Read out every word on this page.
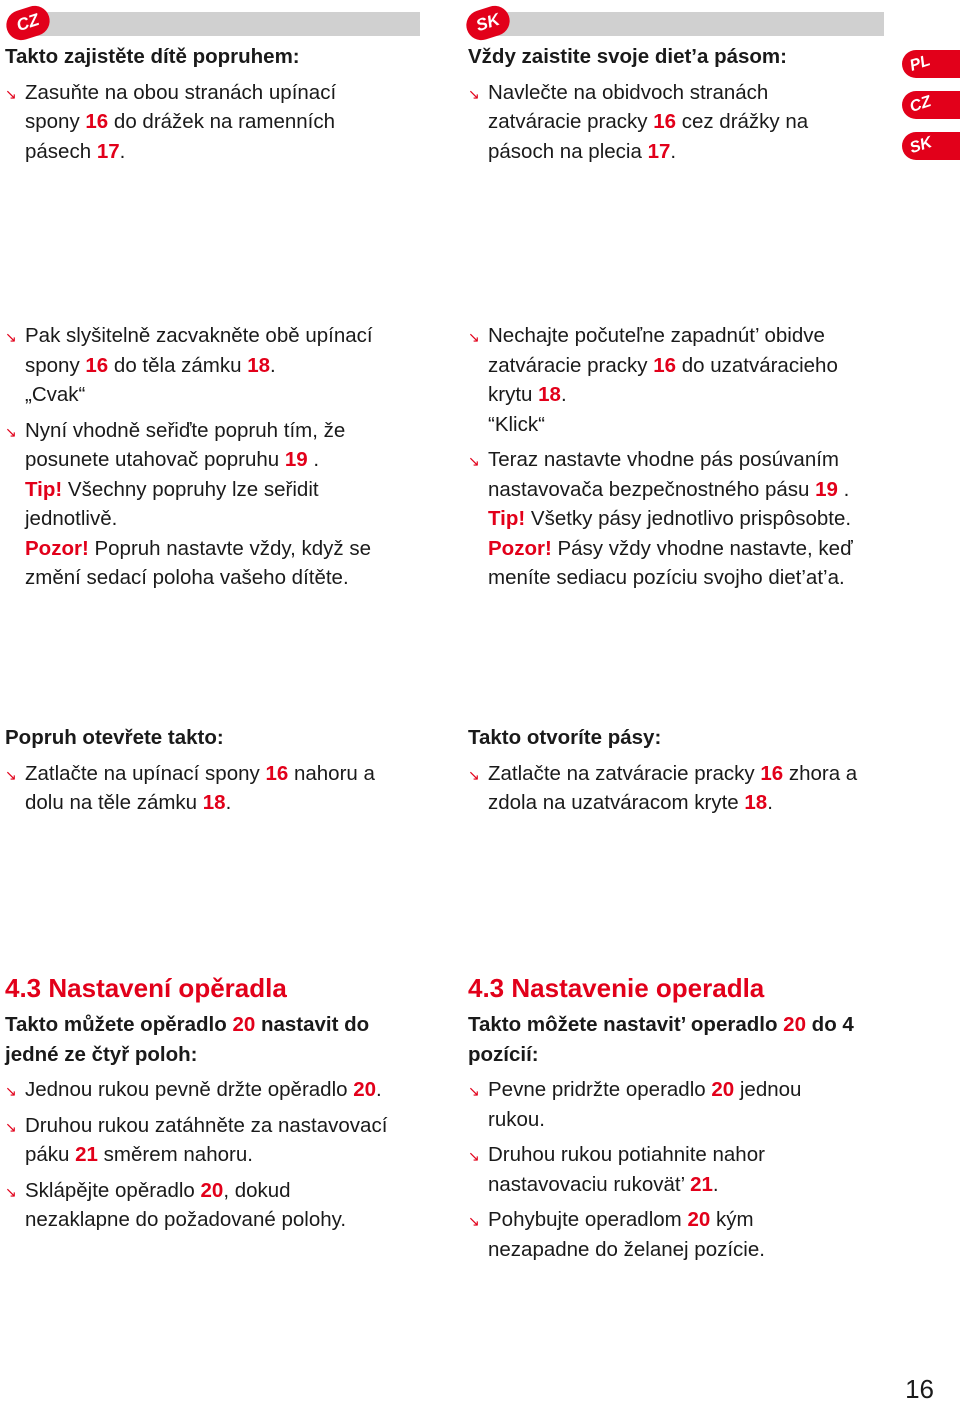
CZ	SK
PL
CZ
SK
Takto zajistěte dítě popruhem:
↘ Zasuňte na obou stranách upínací
spony 16 do drážek na ramenních
pásech 17.
Vždy zaistite svoje diet’a pásom:
↘ Navlečte na obidvoch stranách
zatváracie pracky 16 cez drážky na
pásoch na plecia 17.
↘ Pak slyšitelně zacvakněte obě upínací
spony 16 do těla zámku 18.
„Cvak“
↘ Nyní vhodně seřiďte popruh tím, že
posunete utahovač popruhu 19 .
Tip! Všechny popruhy lze seřidit
jednotlivě.
Pozor! Popruh nastavte vždy, když se
změní sedací poloha vašeho dítěte.
↘ Nechajte počuteľne zapadnút’ obidve
zatváracie pracky 16 do uzatváracieho
krytu 18.
“Klick“
↘ Teraz nastavte vhodne pás posúvaním
nastavovača bezpečnostného pásu 19 .
Tip! Všetky pásy jednotlivo prispôsobte.
Pozor! Pásy vždy vhodne nastavte, keď
meníte sediacu pozíciu svojho diet’at’a.
Popruh otevřete takto:
↘ Zatlačte na upínací spony 16 nahoru a
dolu na těle zámku 18.
Takto otvoríte pásy:
↘ Zatlačte na zatváracie pracky 16 zhora a
zdola na uzatváracom kryte 18.
4.3 Nastavení opěradla
Takto můžete opěradlo 20 nastavit do
jedné ze čtyř poloh:
↘ Jednou rukou pevně držte opěradlo 20.
↘ Druhou rukou zatáhněte za nastavovací
páku 21 směrem nahoru.
↘ Sklápějte opěradlo 20, dokud
nezaklapne do požadované polohy.
4.3 Nastavenie operadla
Takto môžete nastavit’ operadlo 20 do 4
pozícií:
↘ Pevne pridržte operadlo 20 jednou
rukou.
↘ Druhou rukou potiahnite nahor
nastavovaciu rukovät’ 21.
↘ Pohybujte operadlom 20 kým
nezapadne do želanej pozície.
16
